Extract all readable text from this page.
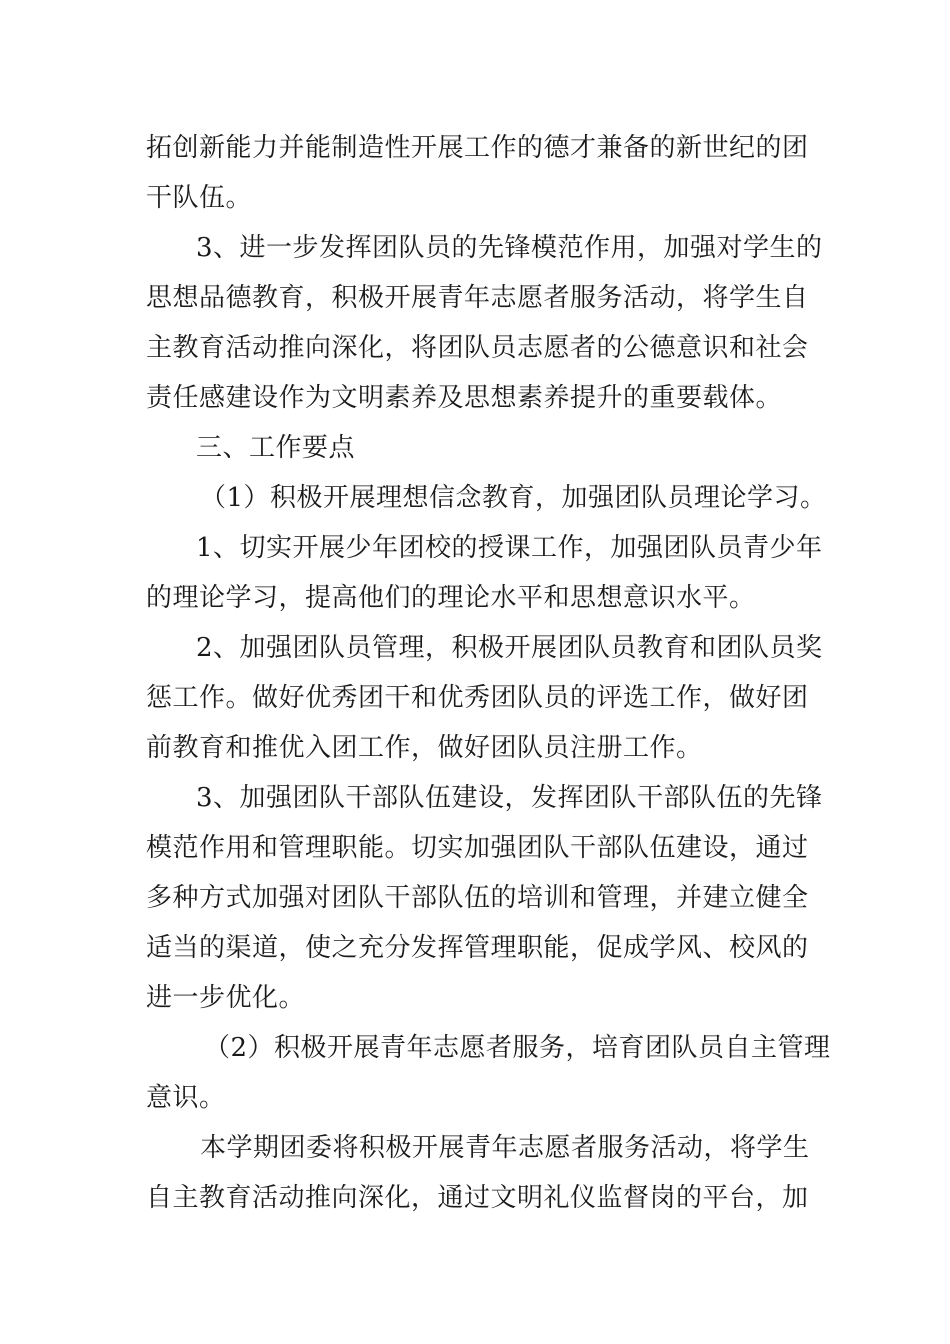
拓创新能力并能制造性开展工作的德才兼备的新世纪的团
干队伍。
3、进一步发挥团队员的先锋模范作用，加强对学生的
思想品德教育，积极开展青年志愿者服务活动，将学生自
主教育活动推向深化，将团队员志愿者的公德意识和社会
责任感建设作为文明素养及思想素养提升的重要载体。
三、工作要点
（1）积极开展理想信念教育，加强团队员理论学习。
1、切实开展少年团校的授课工作，加强团队员青少年
的理论学习，提高他们的理论水平和思想意识水平。
2、加强团队员管理，积极开展团队员教育和团队员奖
惩工作。做好优秀团干和优秀团队员的评选工作，做好团
前教育和推优入团工作，做好团队员注册工作。
3、加强团队干部队伍建设，发挥团队干部队伍的先锋
模范作用和管理职能。切实加强团队干部队伍建设，通过
多种方式加强对团队干部队伍的培训和管理，并建立健全
适当的渠道，使之充分发挥管理职能，促成学风、校风的
进一步优化。
（2）积极开展青年志愿者服务，培育团队员自主管理
意识。
本学期团委将积极开展青年志愿者服务活动，将学生
自主教育活动推向深化，通过文明礼仪监督岗的平台，加
